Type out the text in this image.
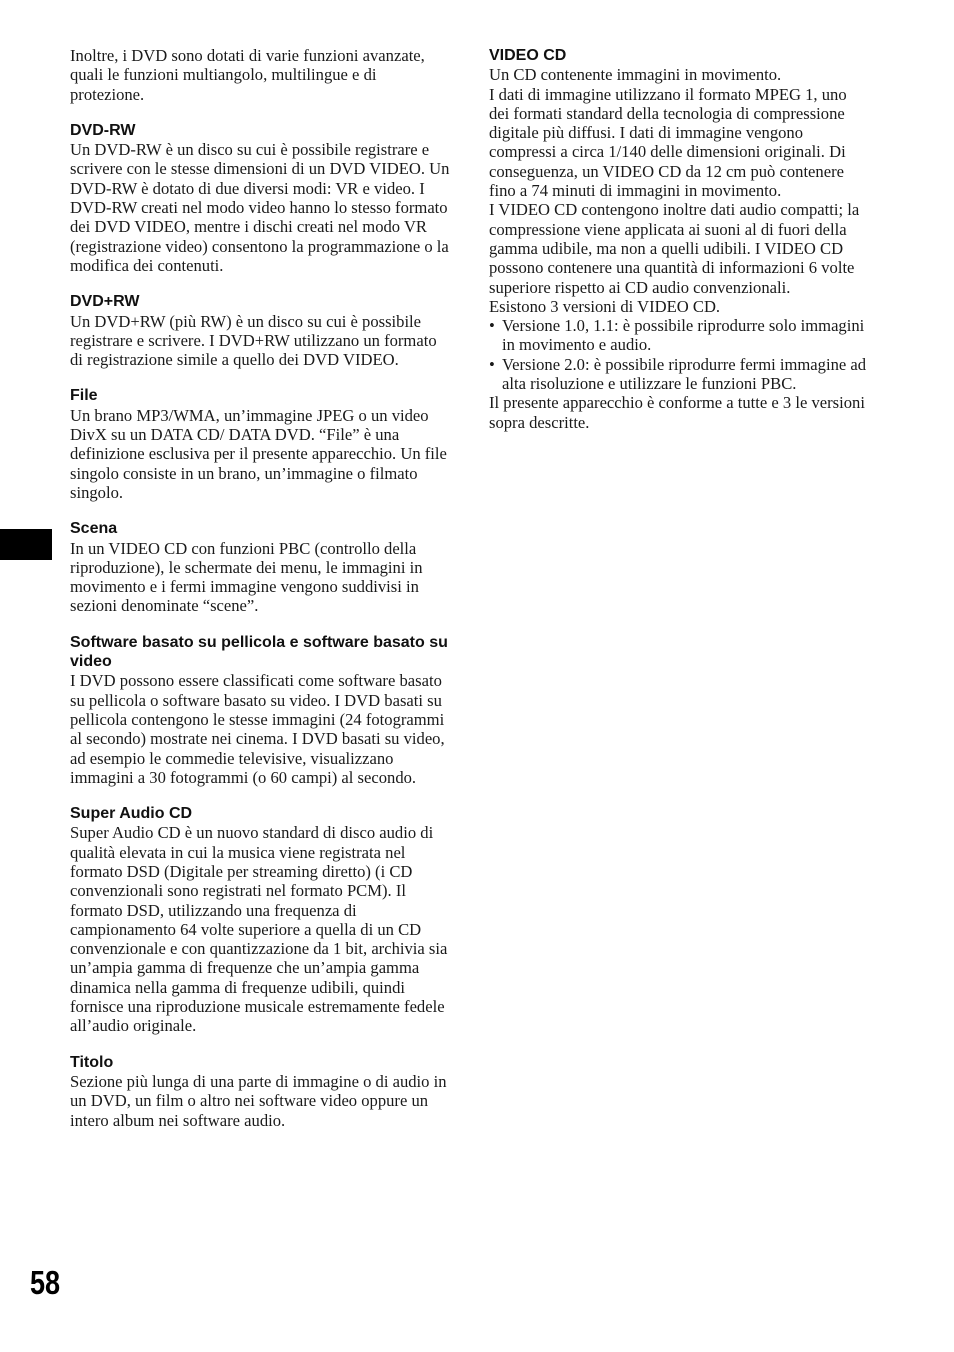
Inoltre, i DVD sono dotati di varie funzioni avanzate, quali le funzioni multiangolo, multilingue e di protezione.

DVD-RW

Un DVD-RW è un disco su cui è possibile registrare e scrivere con le stesse dimensioni di un DVD VIDEO. Un DVD-RW è dotato di due diversi modi: VR e video. I DVD-RW creati nel modo video hanno lo stesso formato dei DVD VIDEO, mentre i dischi creati nel modo VR (registrazione video) consentono la programmazione o la modifica dei contenuti.

DVD+RW

Un DVD+RW (più RW) è un disco su cui è possibile registrare e scrivere. I DVD+RW utilizzano un formato di registrazione simile a quello dei DVD VIDEO.

File

Un brano MP3/WMA, un’immagine JPEG o un video DivX su un DATA CD/ DATA DVD. “File” è una definizione esclusiva per il presente apparecchio. Un file singolo consiste in un brano, un’immagine o filmato singolo.

Scena

In un VIDEO CD con funzioni PBC (controllo della riproduzione), le schermate dei menu, le immagini in movimento e i fermi immagine vengono suddivisi in sezioni denominate “scene”.

Software basato su pellicola e software basato su video

I DVD possono essere classificati come software basato su pellicola o software basato su video. I DVD basati su pellicola contengono le stesse immagini (24 fotogrammi al secondo) mostrate nei cinema. I DVD basati su video, ad esempio le commedie televisive, visualizzano immagini a 30 fotogrammi (o 60 campi) al secondo.

Super Audio CD

Super Audio CD è un nuovo standard di disco audio di qualità elevata in cui la musica viene registrata nel formato DSD (Digitale per streaming diretto) (i CD convenzionali sono registrati nel formato PCM). Il formato DSD, utilizzando una frequenza di campionamento 64 volte superiore a quella di un CD convenzionale e con quantizzazione da 1 bit, archivia sia un’ampia gamma di frequenze che un’ampia gamma dinamica nella gamma di frequenze udibili, quindi fornisce una riproduzione musicale estremamente fedele all’audio originale.

Titolo

Sezione più lunga di una parte di immagine o di audio in un DVD, un film o altro nei software video oppure un intero album nei software audio.

VIDEO CD

Un CD contenente immagini in movimento.

I dati di immagine utilizzano il formato MPEG 1, uno dei formati standard della tecnologia di compressione digitale più diffusi. I dati di immagine vengono compressi a circa 1/140 delle dimensioni originali. Di conseguenza, un VIDEO CD da 12 cm può contenere fino a 74 minuti di immagini in movimento.

I VIDEO CD contengono inoltre dati audio compatti; la compressione viene applicata ai suoni al di fuori della gamma udibile, ma non a quelli udibili. I VIDEO CD possono contenere una quantità di informazioni 6 volte superiore rispetto ai CD audio convenzionali.

Esistono 3 versioni di VIDEO CD.

• Versione 1.0, 1.1: è possibile riprodurre solo immagini in movimento e audio.
• Versione 2.0: è possibile riprodurre fermi immagine ad alta risoluzione e utilizzare le funzioni PBC.

Il presente apparecchio è conforme a tutte e 3 le versioni sopra descritte.

58
